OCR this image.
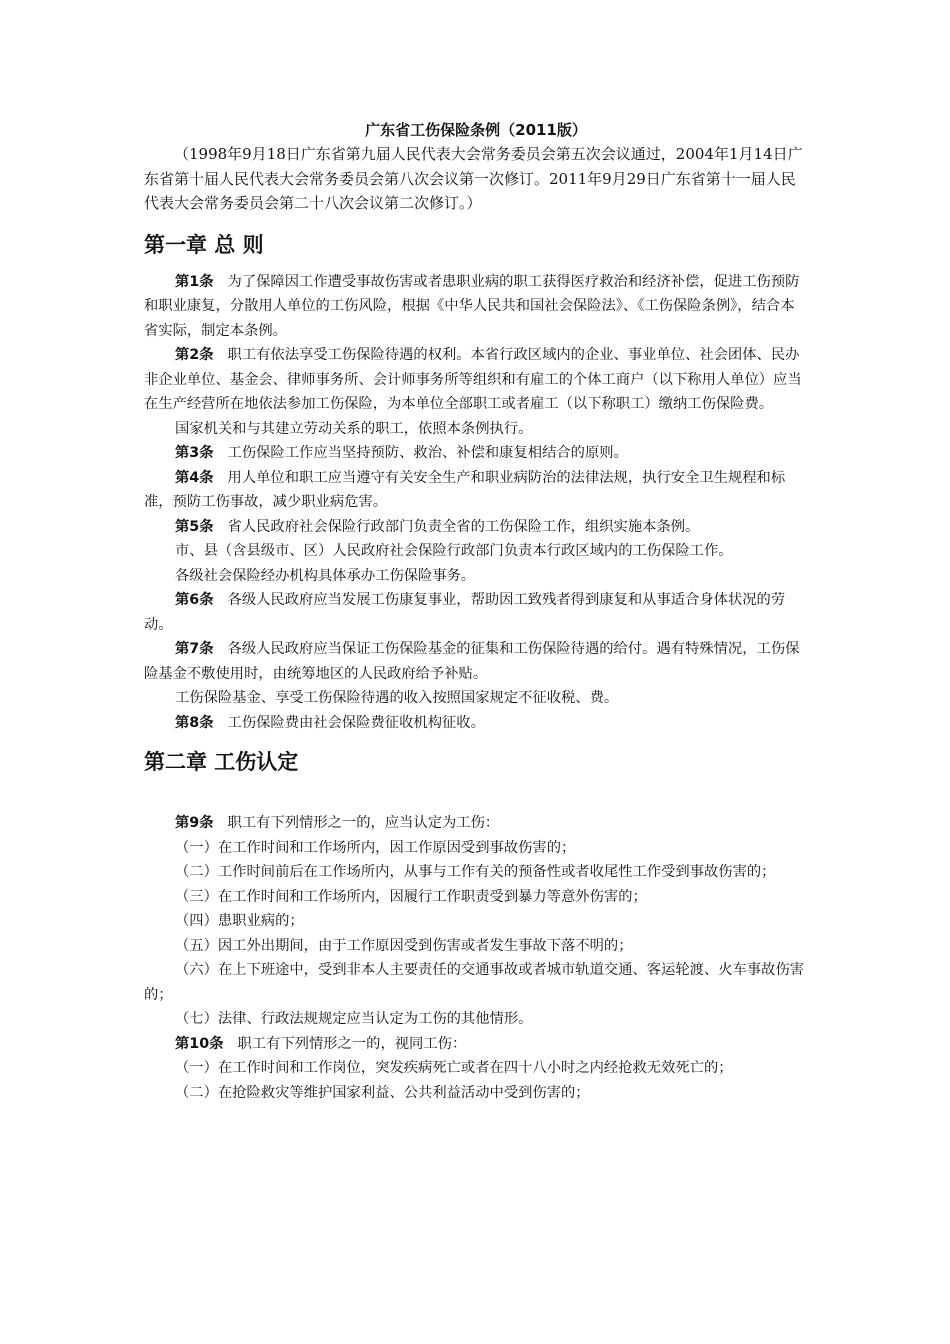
广东省工伤保险条例（2011版）

（1998年9月18日广东省第九届人民代表大会常务委员会第五次会议通过，2004年1月14日广东省第十届人民代表大会常务委员会第八次会议第一次修订。2011年9月29日广东省第十一届人民代表大会常务委员会第二十八次会议第二次修订。）

第一章 总 则

第1条 为了保障因工作遭受事故伤害或者患职业病的职工获得医疗救治和经济补偿，促进工伤预防和职业康复，分散用人单位的工伤风险，根据《中华人民共和国社会保险法》、《工伤保险条例》，结合本省实际，制定本条例。

第2条 职工有依法享受工伤保险待遇的权利。本省行政区域内的企业、事业单位、社会团体、民办非企业单位、基金会、律师事务所、会计师事务所等组织和有雇工的个体工商户（以下称用人单位）应当在生产经营所在地依法参加工伤保险，为本单位全部职工或者雇工（以下称职工）缴纳工伤保险费。

国家机关和与其建立劳动关系的职工，依照本条例执行。

第3条 工伤保险工作应当坚持预防、救治、补偿和康复相结合的原则。

第4条 用人单位和职工应当遵守有关安全生产和职业病防治的法律法规，执行安全卫生规程和标准，预防工伤事故，减少职业病危害。

第5条 省人民政府社会保险行政部门负责全省的工伤保险工作，组织实施本条例。

市、县（含县级市、区）人民政府社会保险行政部门负责本行政区域内的工伤保险工作。

各级社会保险经办机构具体承办工伤保险事务。

第6条 各级人民政府应当发展工伤康复事业，帮助因工致残者得到康复和从事适合身体状况的劳动。

第7条 各级人民政府应当保证工伤保险基金的征集和工伤保险待遇的给付。遇有特殊情况，工伤保险基金不敷使用时，由统筹地区的人民政府给予补贴。

工伤保险基金、享受工伤保险待遇的收入按照国家规定不征收税、费。

第8条 工伤保险费由社会保险费征收机构征收。

第二章 工伤认定

第9条 职工有下列情形之一的，应当认定为工伤：

（一）在工作时间和工作场所内，因工作原因受到事故伤害的；

（二）工作时间前后在工作场所内，从事与工作有关的预备性或者收尾性工作受到事故伤害的；

（三）在工作时间和工作场所内，因履行工作职责受到暴力等意外伤害的；

（四）患职业病的；

（五）因工外出期间，由于工作原因受到伤害或者发生事故下落不明的；

（六）在上下班途中，受到非本人主要责任的交通事故或者城市轨道交通、客运轮渡、火车事故伤害的；

（七）法律、行政法规规定应当认定为工伤的其他情形。

第10条 职工有下列情形之一的，视同工伤：

（一）在工作时间和工作岗位，突发疾病死亡或者在四十八小时之内经抢救无效死亡的；

（二）在抢险救灾等维护国家利益、公共利益活动中受到伤害的；
